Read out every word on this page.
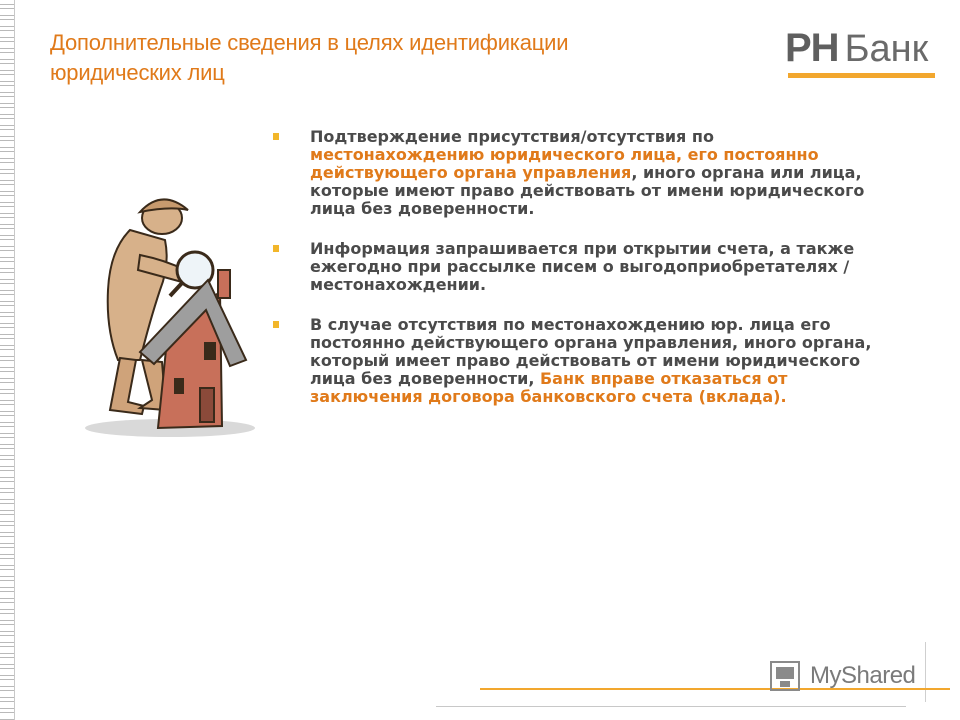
Дополнительные сведения в целях идентификации юридических лиц
РН Банк
Подтверждение присутствия/отсутствия по местонахождению юридического лица, его постоянно действующего органа управления, иного органа или лица, которые имеют право действовать от имени юридического лица без доверенности.
Информация запрашивается при открытии счета, а также ежегодно при рассылке писем о выгодоприобретателях /местонахождении.
В случае отсутствия по местонахождению юр. лица его постоянно действующего органа управления, иного органа, который имеет право действовать от имени юридического лица без доверенности, Банк вправе отказаться от заключения договора банковского счета (вклада).
MyShared
